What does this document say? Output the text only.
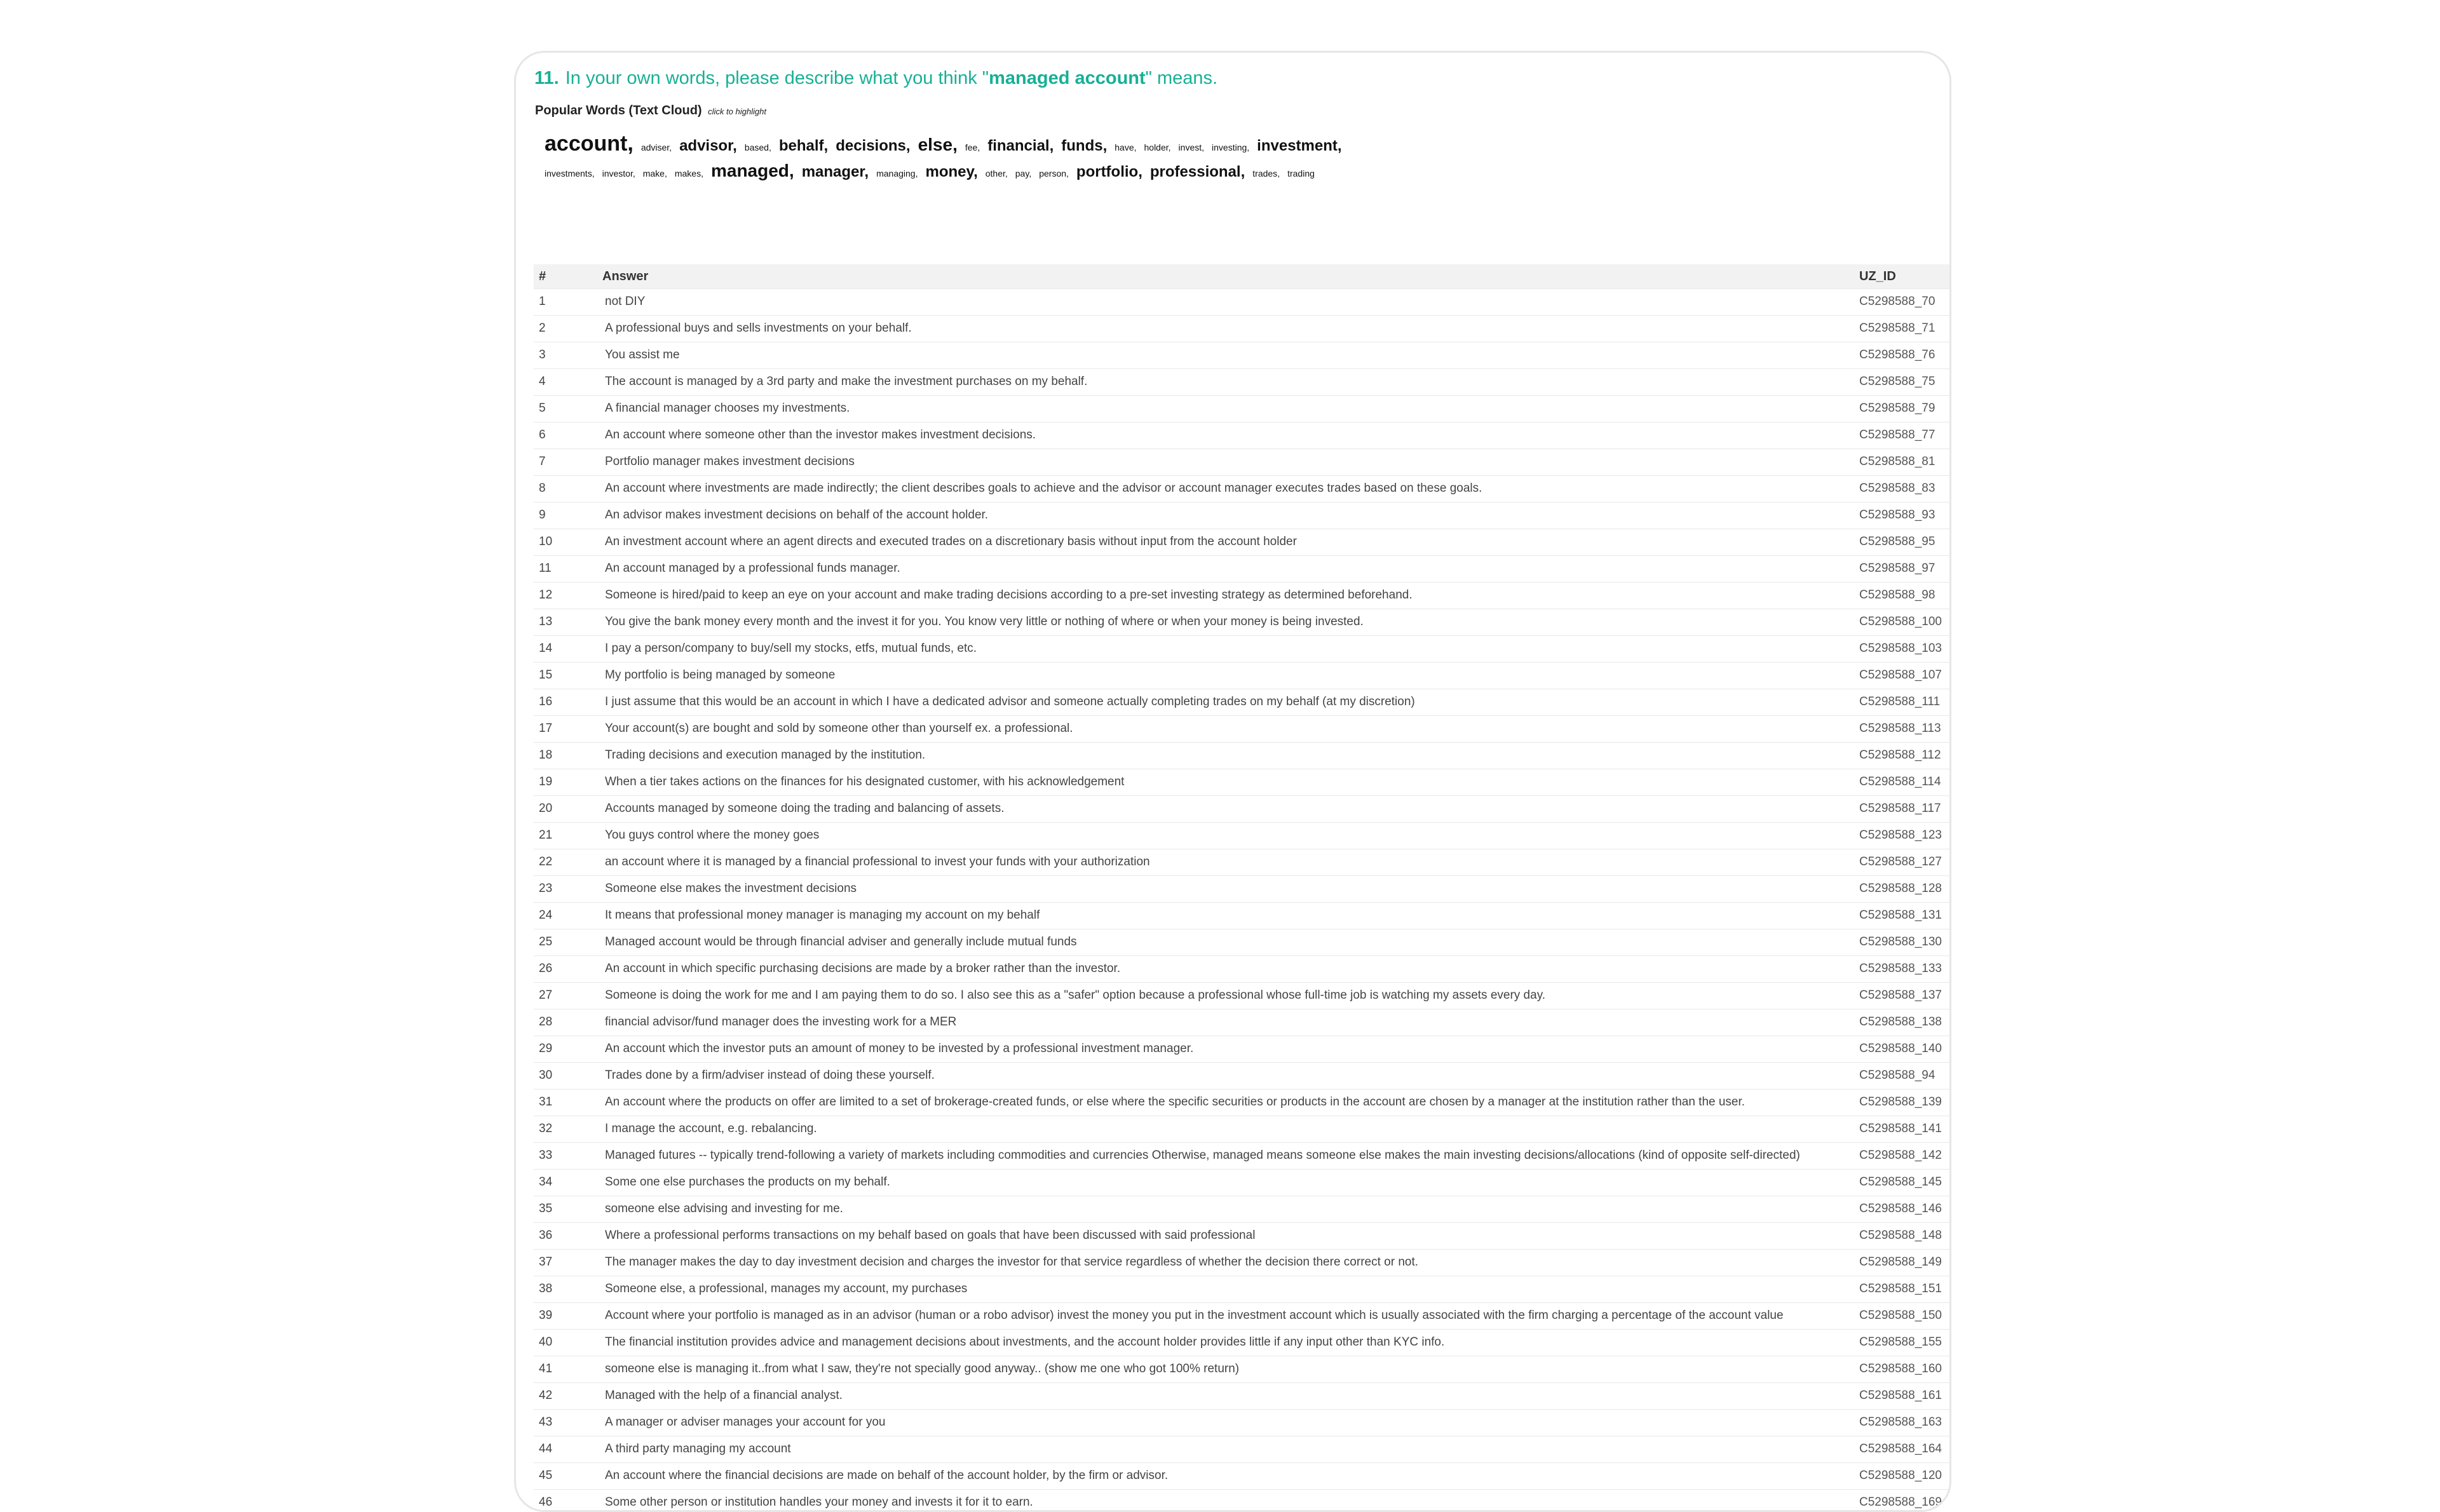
11. In your own words, please describe what you think "managed account" means.
Popular Words (Text Cloud) click to highlight
account , adviser , advisor , based , behalf , decisions , else , fee , financial , funds , have , holder , invest , investing , investment ,investments , investor , make , makes , managed , manager , managing , money , other , pay , person , portfolio , professional , trades , trading
#	Answer	UZ_ID
1	not DIY	C5298588_70
2	A professional buys and sells investments on your behalf.	C5298588_71
3	You assist me	C5298588_76
4	The account is managed by a 3rd party and make the investment purchases on my behalf.	C5298588_75
5	A financial manager chooses my investments.	C5298588_79
6	An account where someone other than the investor makes investment decisions.	C5298588_77
7	Portfolio manager makes investment decisions	C5298588_81
8	An account where investments are made indirectly; the client describes goals to achieve and the advisor or account manager executes trades based on these goals.	C5298588_83
9	An advisor makes investment decisions on behalf of the account holder.	C5298588_93
10	An investment account where an agent directs and executed trades on a discretionary basis without input from the account holder	C5298588_95
11	An account managed by a professional funds manager.	C5298588_97
12	Someone is hired/paid to keep an eye on your account and make trading decisions according to a pre-set investing strategy as determined beforehand.	C5298588_98
13	You give the bank money every month and the invest it for you. You know very little or nothing of where or when your money is being invested.	C5298588_100
14	I pay a person/company to buy/sell my stocks, etfs, mutual funds, etc.	C5298588_103
15	My portfolio is being managed by someone	C5298588_107
16	I just assume that this would be an account in which I have a dedicated advisor and someone actually completing trades on my behalf (at my discretion)	C5298588_111
17	Your account(s) are bought and sold by someone other than yourself ex. a professional.	C5298588_113
18	Trading decisions and execution managed by the institution.	C5298588_112
19	When a tier takes actions on the finances for his designated customer, with his acknowledgement	C5298588_114
20	Accounts managed by someone doing the trading and balancing of assets.	C5298588_117
21	You guys control where the money goes	C5298588_123
22	an account where it is managed by a financial professional to invest your funds with your authorization	C5298588_127
23	Someone else makes the investment decisions	C5298588_128
24	It means that professional money manager is managing my account on my behalf	C5298588_131
25	Managed account would be through financial adviser and generally include mutual funds	C5298588_130
26	An account in which specific purchasing decisions are made by a broker rather than the investor.	C5298588_133
27	Someone is doing the work for me and I am paying them to do so. I also see this as a "safer" option because a professional whose full-time job is watching my assets every day.	C5298588_137
28	financial advisor/fund manager does the investing work for a MER	C5298588_138
29	An account which the investor puts an amount of money to be invested by a professional investment manager.	C5298588_140
30	Trades done by a firm/adviser instead of doing these yourself.	C5298588_94
31	An account where the products on offer are limited to a set of brokerage-created funds, or else where the specific securities or products in the account are chosen by a manager at the institution rather than the user.	C5298588_139
32	I manage the account, e.g. rebalancing.	C5298588_141
33	Managed futures -- typically trend-following a variety of markets including commodities and currencies Otherwise, managed means someone else makes the main investing decisions/allocations (kind of opposite self-directed)	C5298588_142
34	Some one else purchases the products on my behalf.	C5298588_145
35	someone else advising and investing for me.	C5298588_146
36	Where a professional performs transactions on my behalf based on goals that have been discussed with said professional	C5298588_148
37	The manager makes the day to day investment decision and charges the investor for that service regardless of whether the decision there correct or not.	C5298588_149
38	Someone else, a professional, manages my account, my purchases	C5298588_151
39	Account where your portfolio is managed as in an advisor (human or a robo advisor) invest the money you put in the investment account which is usually associated with the firm charging a percentage of the account value	C5298588_150
40	The financial institution provides advice and management decisions about investments, and the account holder provides little if any input other than KYC info.	C5298588_155
41	someone else is managing it..from what I saw, they're not specially good anyway.. (show me one who got 100% return)	C5298588_160
42	Managed with the help of a financial analyst.	C5298588_161
43	A manager or adviser manages your account for you	C5298588_163
44	A third party managing my account	C5298588_164
45	An account where the financial decisions are made on behalf of the account holder, by the firm or advisor.	C5298588_120
46	Some other person or institution handles your money and invests it for it to earn.	C5298588_169
